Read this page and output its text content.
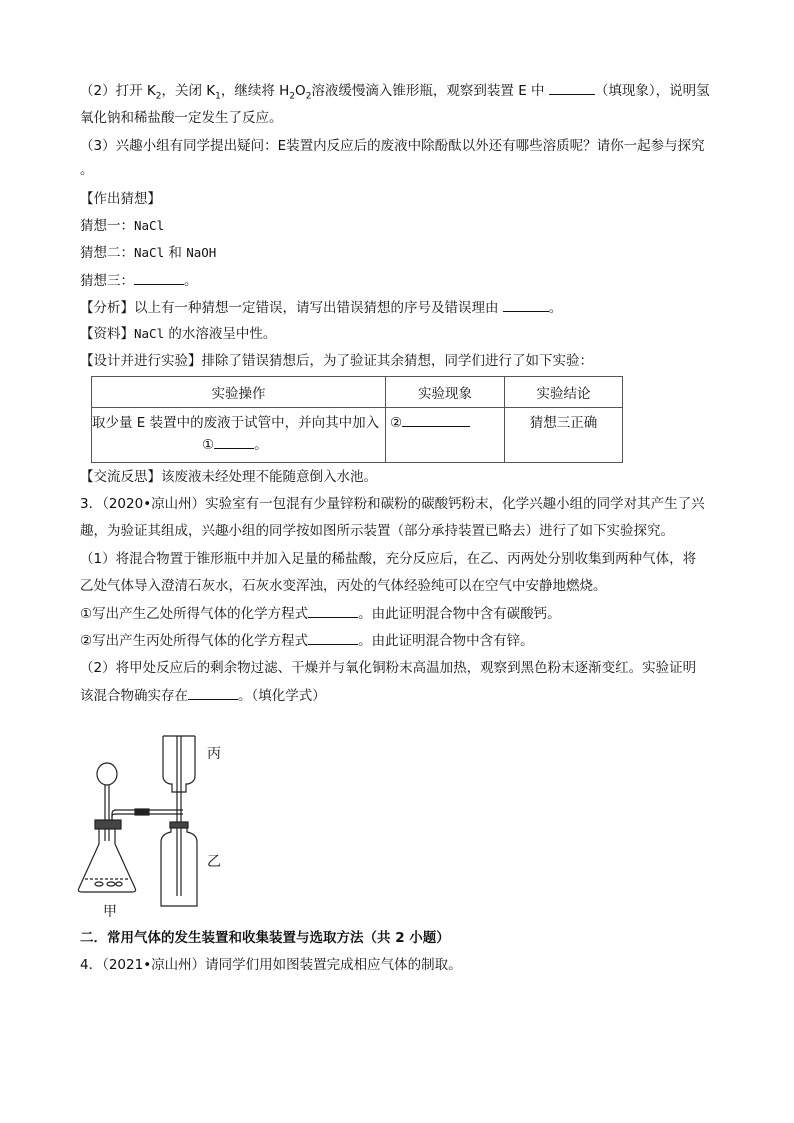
（2）打开 $K_2$，关闭 $K_1$，继续将 $H_2O_2$溶液缓慢滴入锥形瓶，观察到装置 E 中	（填现象），说明氢
氧化钠和稀盐酸一定发生了反应。
（3）兴趣小组有同学提出疑问：E装置内反应后的废液中除酚酞以外还有哪些溶质呢？请你一起参与探究
。
【作出猜想】
猜想一：NaCl
猜想二：NaCl 和 NaOH
猜想三：	。
【分析】以上有一种猜想一定错误，请写出错误猜想的序号及错误理由	。
【资料】NaCl 的水溶液呈中性。
【设计并进行实验】排除了错误猜想后，为了验证其余猜想，同学们进行了如下实验：
实验操作	实验现象	实验结论

取少量 E 装置中的废液于试管中，并向其中加入
① 。	②	猜想三正确
【交流反思】该废液未经处理不能随意倒入水池。
3．（2020•凉山州）实验室有一包混有少量锌粉和碳粉的碳酸钙粉末，化学兴趣小组的同学对其产生了兴
趣，为验证其组成，兴趣小组的同学按如图所示装置（部分承持装置已略去）进行了如下实验探究。
（1）将混合物置于锥形瓶中并加入足量的稀盐酸，充分反应后，在乙、丙两处分别收集到两种气体，将
乙处气体导入澄清石灰水，石灰水变浑浊，丙处的气体经验纯可以在空气中安静地燃烧。
①写出产生乙处所得气体的化学方程式	。由此证明混合物中含有碳酸钙。
②写出产生丙处所得气体的化学方程式	。由此证明混合物中含有锌。
（2）将甲处反应后的剩余物过滤、干燥并与氧化铜粉末高温加热，观察到黑色粉末逐渐变红。实验证明
该混合物确实存在	。（填化学式）
丙
乙
甲
二．常用气体的发生装置和收集装置与选取方法（共 2 小题）
4．（2021•凉山州）请同学们用如图装置完成相应气体的制取。
